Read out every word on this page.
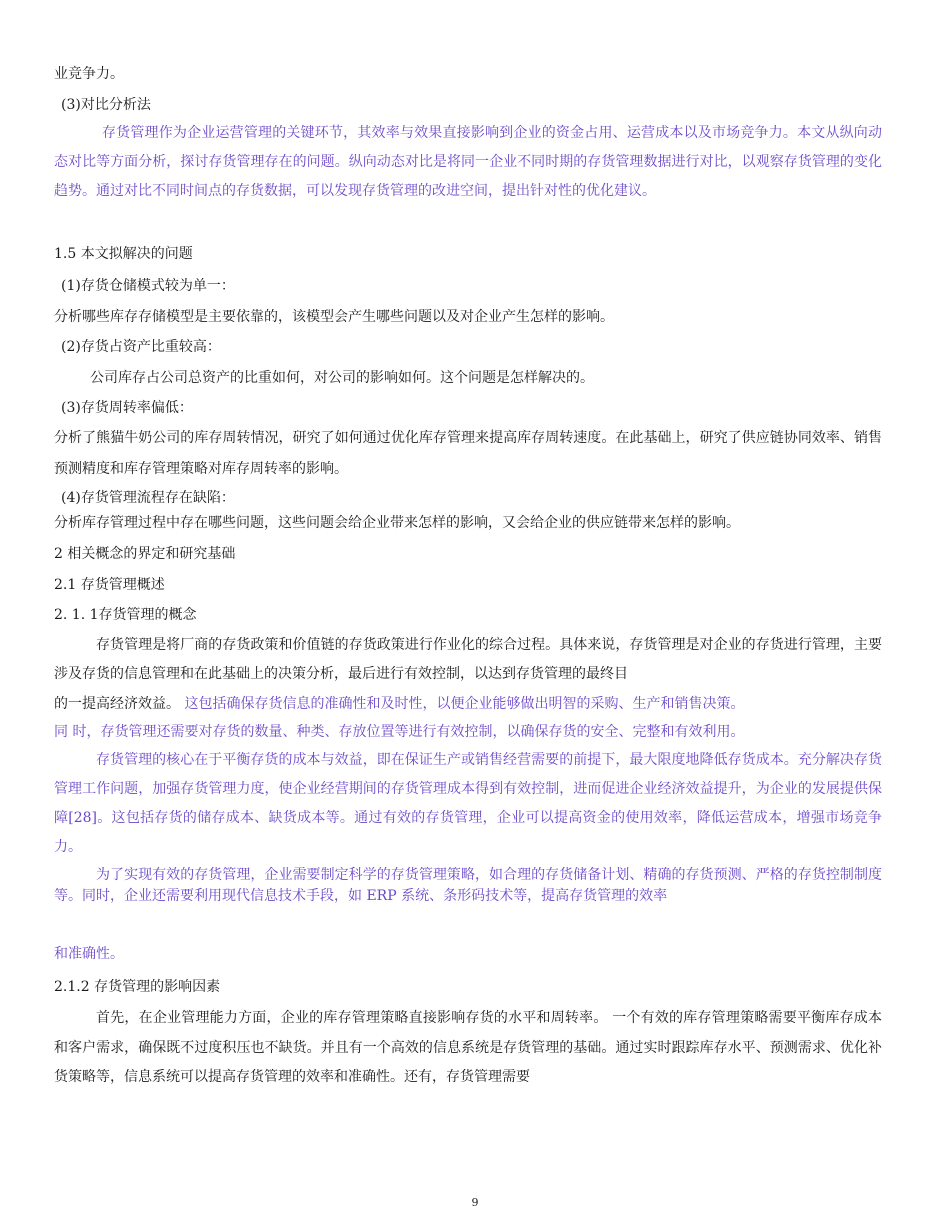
业竞争力。
(3)对比分析法
存货管理作为企业运营管理的关键环节，其效率与效果直接影响到企业的资金占用、运营成本以及市场竞争力。本文从纵向动态对比等方面分析，探讨存货管理存在的问题。纵向动态对比是将同一企业不同时期的存货管理数据进行对比，以观察存货管理的变化趋势。通过对比不同时间点的存货数据，可以发现存货管理的改进空间，提出针对性的优化建议。
1.5 本文拟解决的问题
(1)存货仓储模式较为单一：
分析哪些库存存储模型是主要依靠的，该模型会产生哪些问题以及对企业产生怎样的影响。
(2)存货占资产比重较高：
公司库存占公司总资产的比重如何，对公司的影响如何。这个问题是怎样解决的。
(3)存货周转率偏低：
分析了熊猫牛奶公司的库存周转情况，研究了如何通过优化库存管理来提高库存周转速度。在此基础上，研究了供应链协同效率、销售预测精度和库存管理策略对库存周转率的影响。
(4)存货管理流程存在缺陷：
分析库存管理过程中存在哪些问题，这些问题会给企业带来怎样的影响，又会给企业的供应链带来怎样的影响。
2 相关概念的界定和研究基础
2.1 存货管理概述
2. 1. 1存货管理的概念
存货管理是将厂商的存货政策和价值链的存货政策进行作业化的综合过程。具体来说，存货管理是对企业的存货进行管理，主要涉及存货的信息管理和在此基础上的决策分析，最后进行有效控制，以达到存货管理的最终目
的一提高经济效益。 这包括确保存货信息的准确性和及时性，以便企业能够做出明智的采购、生产和销售决策。
同 时，存货管理还需要对存货的数量、种类、存放位置等进行有效控制，以确保存货的安全、完整和有效利用。
存货管理的核心在于平衡存货的成本与效益，即在保证生产或销售经营需要的前提下，最大限度地降低存货成本。充分解决存货管理工作问题，加强存货管理力度，使企业经营期间的存货管理成本得到有效控制，进而促进企业经济效益提升，为企业的发展提供保障[28]。这包括存货的储存成本、缺货成本等。通过有效的存货管理，企业可以提高资金的使用效率，降低运营成本，增强市场竞争力。
为了实现有效的存货管理，企业需要制定科学的存货管理策略，如合理的存货储备计划、精确的存货预测、严格的存货控制制度等。同时，企业还需要利用现代信息技术手段，如 ERP 系统、条形码技术等，提高存货管理的效率
和准确性。
2.1.2 存货管理的影响因素
首先，在企业管理能力方面，企业的库存管理策略直接影响存货的水平和周转率。 一个有效的库存管理策略需要平衡库存成本和客户需求，确保既不过度积压也不缺货。并且有一个高效的信息系统是存货管理的基础。通过实时跟踪库存水平、预测需求、优化补货策略等，信息系统可以提高存货管理的效率和准确性。还有，存货管理需要
9
